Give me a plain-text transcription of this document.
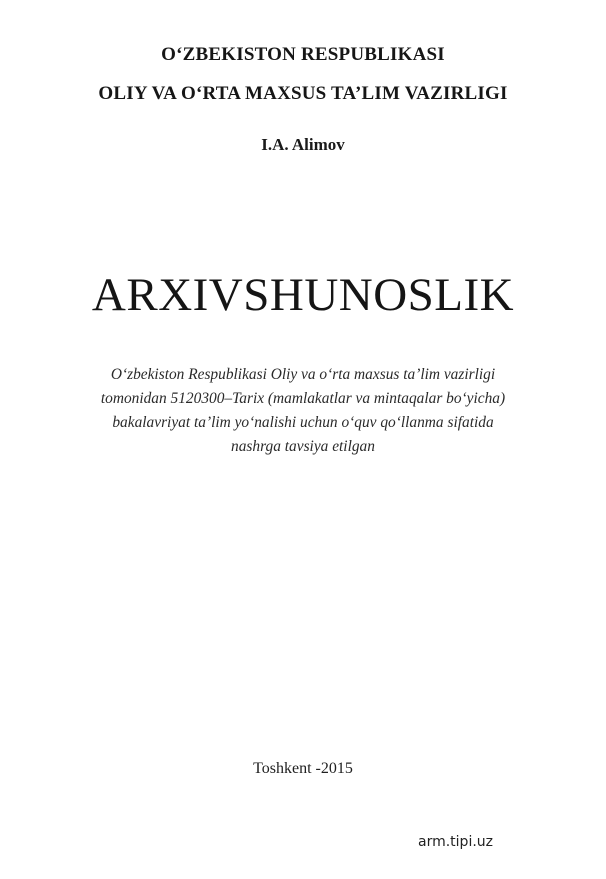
O‘ZBEKISTON RESPUBLIKASI
OLIY VA O‘RTA MAXSUS TA’LIM VAZIRLIGI
I.A. Alimov
ARXIVSHUNOSLIK
O‘zbekiston Respublikasi Oliy va o‘rta maxsus ta’lim vazirligi
tomonidan 5120300–Tarix (mamlakatlar va mintaqalar bo‘yicha)
bakalavriyat ta’lim yo‘nalishi uchun o‘quv qo‘llanma sifatida
nashrga tavsiya etilgan
Toshkent -2015
arm.tipi.uz
